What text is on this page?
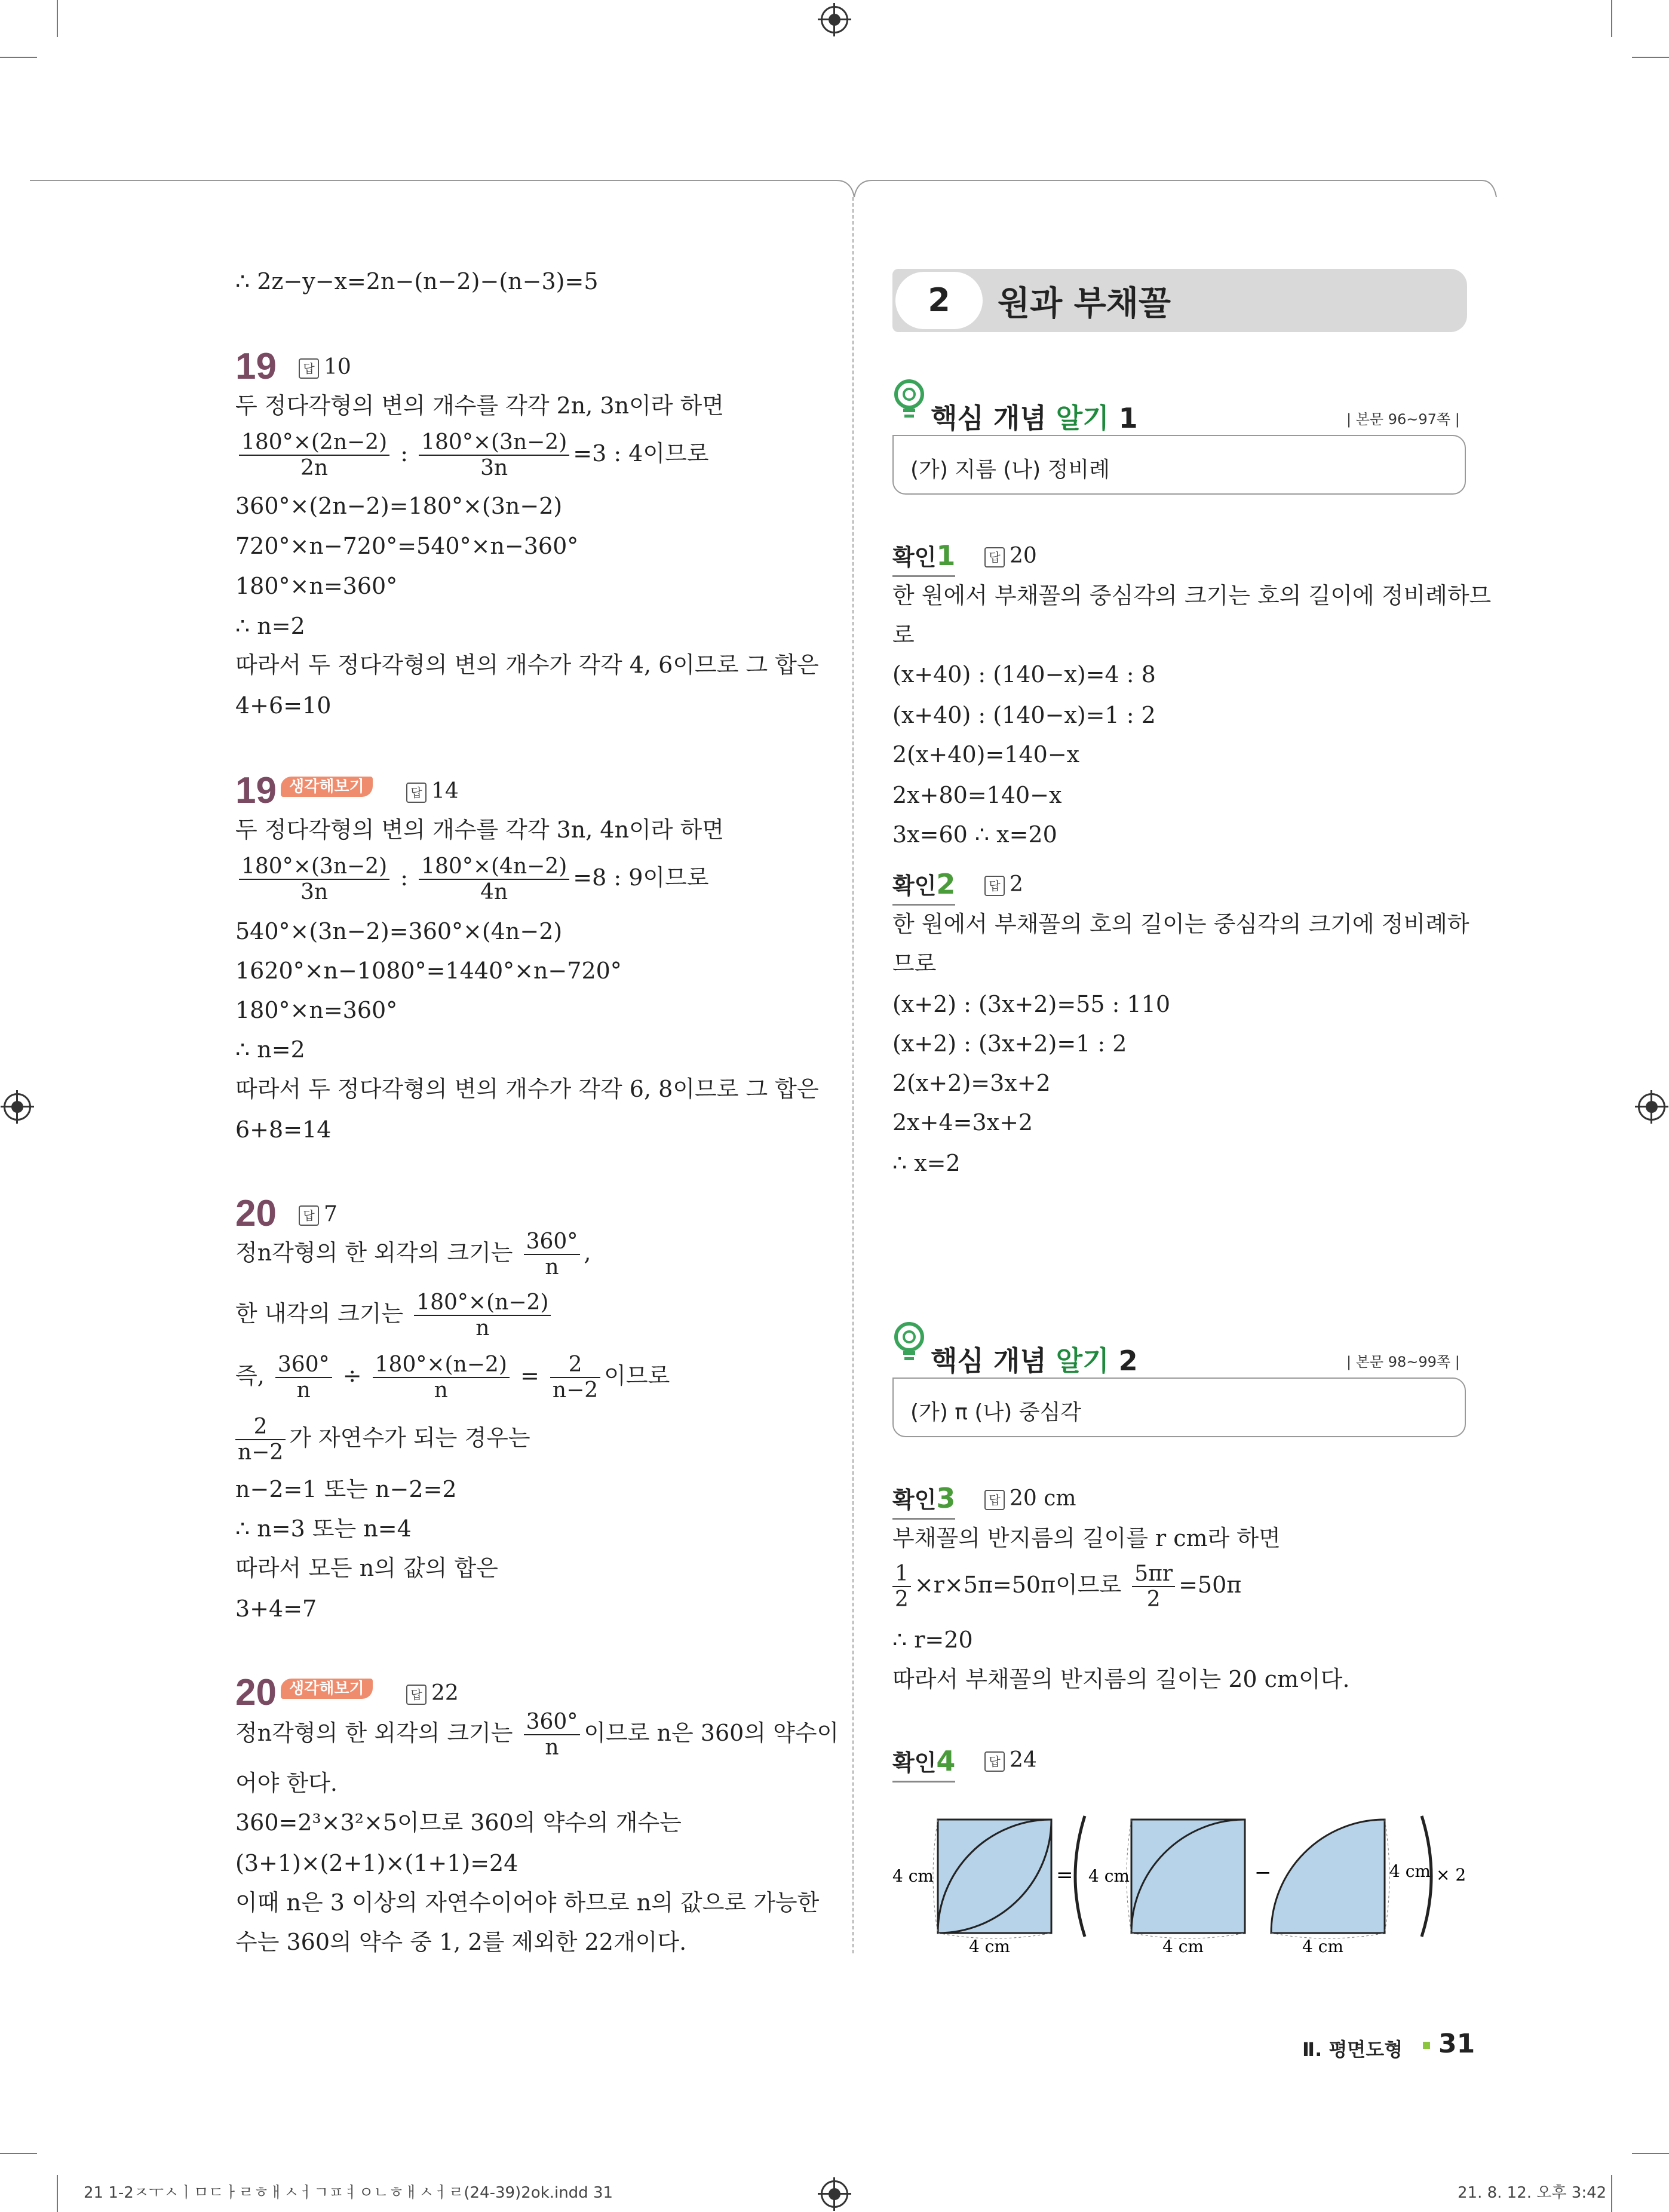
∴ 2z−y−x=2n−(n−2)−(n−3)=5
19	답 10
두 정다각형의 변의 개수를 각각 2n, 3n이라 하면
$\frac{180^\circ\times(2n-2)}{2n}$ : $\frac{180^\circ\times(3n-2)}{3n} =3$ : 4이므로
360°×(2n−2)=180°×(3n−2)
720°×n−720°=540°×n−360°
180°×n=360°
∴ n=2
따라서 두 정다각형의 변의 개수가 각각 4, 6이므로 그 합은
4+6=10
19 생각해보기	답 14
두 정다각형의 변의 개수를 각각 3n, 4n이라 하면
$\frac{180^\circ\times(3n-2)}{3n}$ : $\frac{180^\circ\times(4n-2)}{4n} =8$ : 9이므로
540°×(3n−2)=360°×(4n−2)
1620°×n−1080°=1440°×n−720°
180°×n=360°
∴ n=2
따라서 두 정다각형의 변의 개수가 각각 6, 8이므로 그 합은
6+8=14
20	답 7
정n각형의 한 외각의 크기는 $\frac{360^\circ}{n}$ ,
한 내각의 크기는 $\frac{180^\circ\times(n-2)}{n}$
즉, $\frac{360^\circ}{n} \div \frac{180^\circ\times(n-2)}{n} = \frac{2}{n-2}$ 이므로
$\frac{2}{n-2}$ 가 자연수가 되는 경우는
n−2=1 또는 n−2=2
∴ n=3 또는 n=4
따라서 모든 n의 값의 합은
3+4=7
20 생각해보기	답 22
정n각형의 한 외각의 크기는 $\frac{360^\circ}{n}$ 이므로 n은 360의 약수이
어야 한다.
360=2³×3²×5이므로 360의 약수의 개수는
(3+1)×(2+1)×(1+1)=24
이때 n은 3 이상의 자연수이어야 하므로 n의 값으로 가능한
수는 360의 약수 중 1, 2를 제외한 22개이다.
2	원과 부채꼴
핵심 개념 알기 1	| 본문 96~97쪽 |
(가) 지름 (나) 정비례
확인1	답 20
한 원에서 부채꼴의 중심각의 크기는 호의 길이에 정비례하므
로
(x+40) : (140−x)=4 : 8
(x+40) : (140−x)=1 : 2
2(x+40)=140−x
2x+80=140−x
3x=60 ∴ x=20
확인2	답 2
한 원에서 부채꼴의 호의 길이는 중심각의 크기에 정비례하
므로
(x+2) : (3x+2)=55 : 110
(x+2) : (3x+2)=1 : 2
2(x+2)=3x+2
2x+4=3x+2
∴ x=2
핵심 개념 알기 2	| 본문 98~99쪽 |
(가) π (나) 중심각
확인3	답 20 cm
부채꼴의 반지름의 길이를 r cm라 하면
$\frac{1}{2} \times r\times 5\pi=50\pi$이므로 $\frac{5\pi r}{2} =50\pi$
∴ r=20
따라서 부채꼴의 반지름의 길이는 20 cm이다.
확인4	답 24
4 cm
4 cm
= 4 cm
4 cm
−	4 cm
4 cm
× 2
Ⅱ. 평면도형 31
21 1-2ㅈㅜㅅㅣㅁㄷㅏㄹㅎㅐㅅㅓㄱㅍㅕㅇㄴㅎㅐㅅㅓㄹ(24-39)2ok.indd 31	21. 8. 12. 오후 3:42
